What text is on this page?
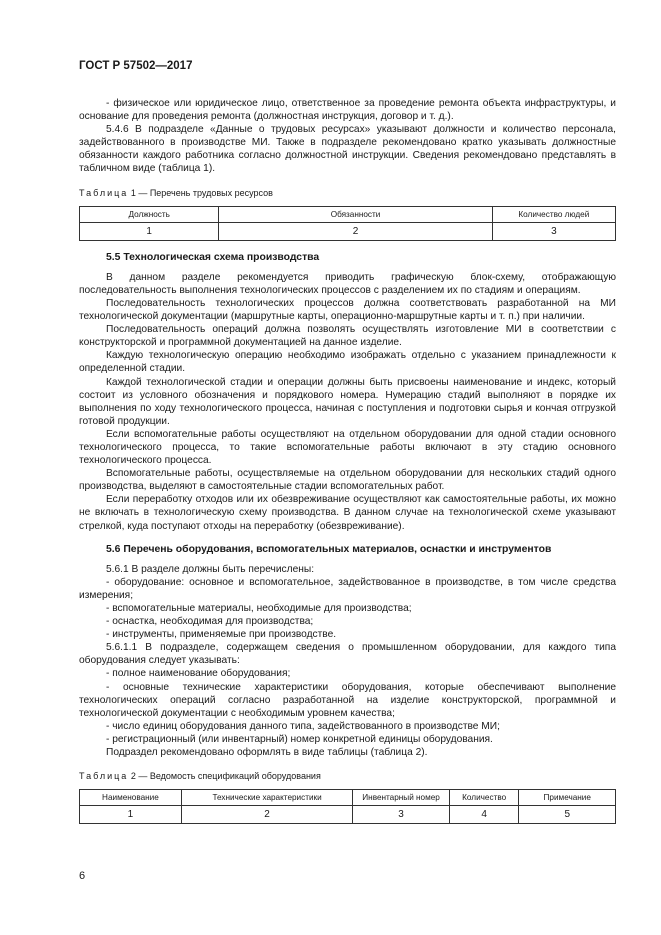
ГОСТ Р 57502—2017

- физическое или юридическое лицо, ответственное за проведение ремонта объекта инфраструктуры, и основание для проведения ремонта (должностная инструкция, договор и т. д.).

5.4.6 В подразделе «Данные о трудовых ресурсах» указывают должности и количество персонала, задействованного в производстве МИ. Также в подразделе рекомендовано кратко указывать должностные обязанности каждого работника согласно должностной инструкции. Сведения рекомендовано представлять в табличном виде (таблица 1).

Таблица 1 — Перечень трудовых ресурсов

Должность	Обязанности	Количество людей
1	2	3

5.5 Технологическая схема производства

В данном разделе рекомендуется приводить графическую блок-схему, отображающую последовательность выполнения технологических процессов с разделением их по стадиям и операциям.

Последовательность технологических процессов должна соответствовать разработанной на МИ технологической документации (маршрутные карты, операционно-маршрутные карты и т. п.) при наличии.

Последовательность операций должна позволять осуществлять изготовление МИ в соответствии с конструкторской и программной документацией на данное изделие.

Каждую технологическую операцию необходимо изображать отдельно с указанием принадлежности к определенной стадии.

Каждой технологической стадии и операции должны быть присвоены наименование и индекс, который состоит из условного обозначения и порядкового номера. Нумерацию стадий выполняют в порядке их выполнения по ходу технологического процесса, начиная с поступления и подготовки сырья и кончая отгрузкой готовой продукции.

Если вспомогательные работы осуществляют на отдельном оборудовании для одной стадии основного технологического процесса, то такие вспомогательные работы включают в эту стадию основного технологического процесса.

Вспомогательные работы, осуществляемые на отдельном оборудовании для нескольких стадий одного производства, выделяют в самостоятельные стадии вспомогательных работ.

Если переработку отходов или их обезвреживание осуществляют как самостоятельные работы, их можно не включать в технологическую схему производства. В данном случае на технологической схеме указывают стрелкой, куда поступают отходы на переработку (обезвреживание).

5.6 Перечень оборудования, вспомогательных материалов, оснастки и инструментов

5.6.1 В разделе должны быть перечислены:

- оборудование: основное и вспомогательное, задействованное в производстве, в том числе средства измерения;

- вспомогательные материалы, необходимые для производства;

- оснастка, необходимая для производства;

- инструменты, применяемые при производстве.

5.6.1.1 В подразделе, содержащем сведения о промышленном оборудовании, для каждого типа оборудования следует указывать:

- полное наименование оборудования;

- основные технические характеристики оборудования, которые обеспечивают выполнение технологических операций согласно разработанной на изделие конструкторской, программной и технологической документации с необходимым уровнем качества;

- число единиц оборудования данного типа, задействованного в производстве МИ;

- регистрационный (или инвентарный) номер конкретной единицы оборудования.

Подраздел рекомендовано оформлять в виде таблицы (таблица 2).

Таблица 2 — Ведомость спецификаций оборудования

Наименование	Технические характеристики	Инвентарный номер	Количество	Примечание
1	2	3	4	5
6
